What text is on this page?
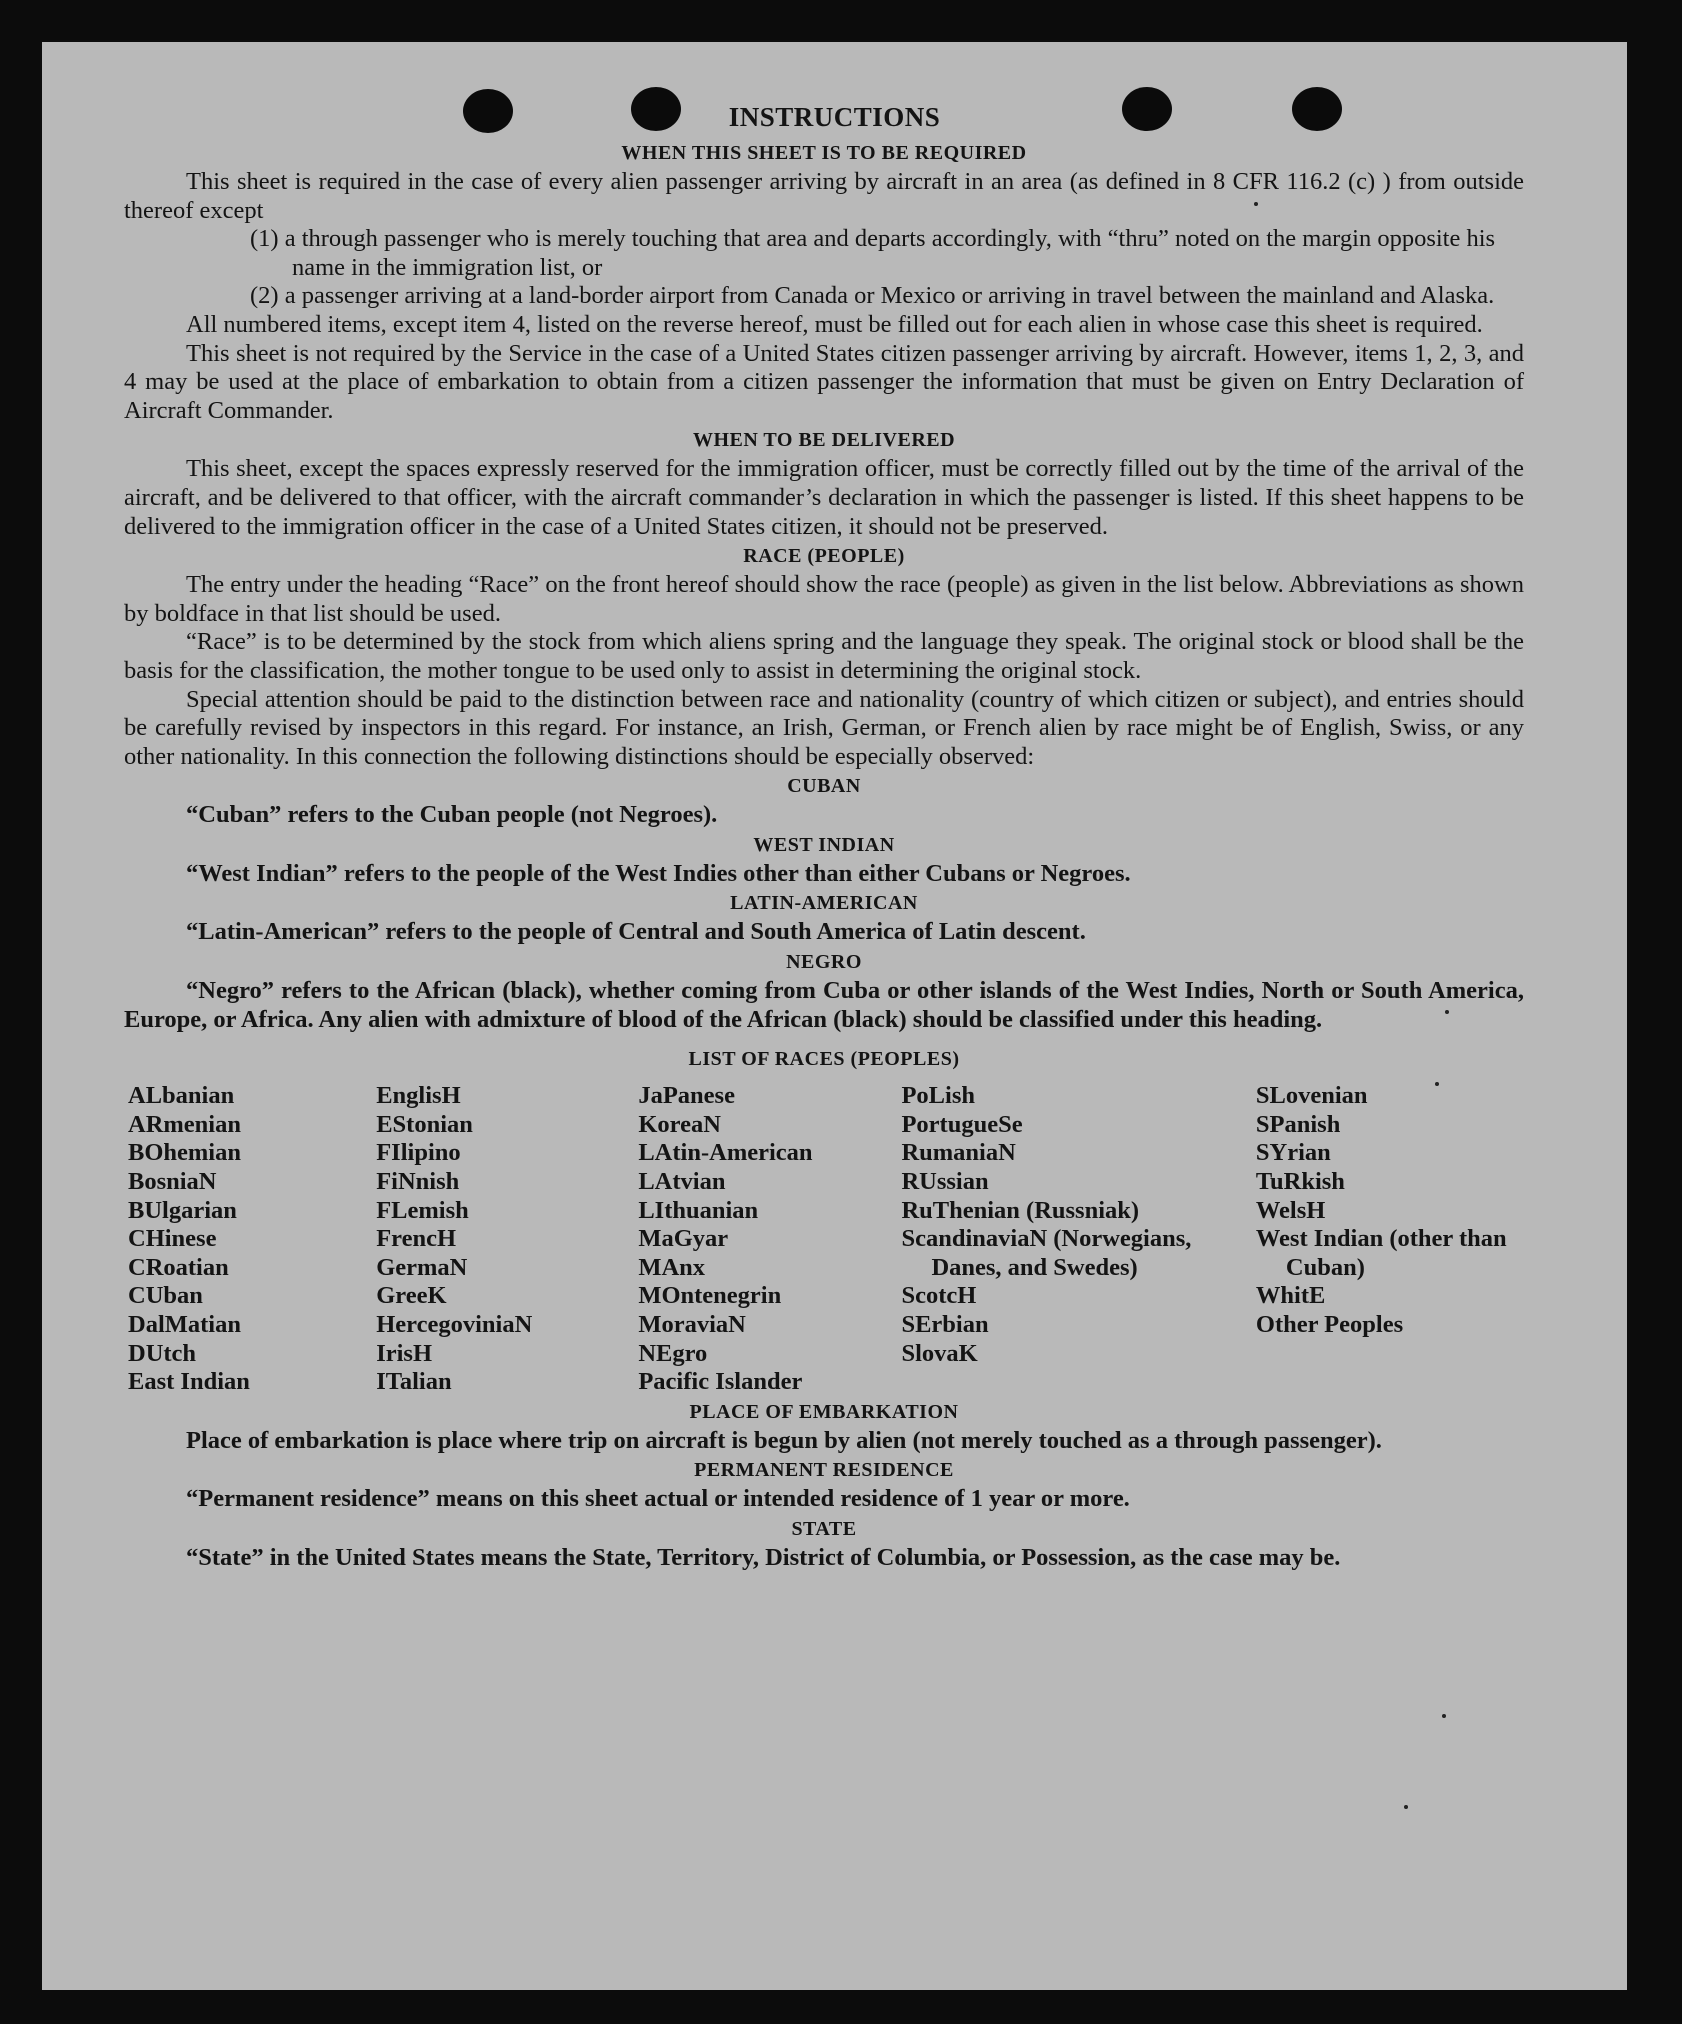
INSTRUCTIONS
WHEN THIS SHEET IS TO BE REQUIRED
This sheet is required in the case of every alien passenger arriving by aircraft in an area (as defined in 8 CFR 116.2 (c) ) from outside thereof except
(1) a through passenger who is merely touching that area and departs accordingly, with “thru” noted on the margin opposite his name in the immigration list, or
(2) a passenger arriving at a land-border airport from Canada or Mexico or arriving in travel between the mainland and Alaska.
All numbered items, except item 4, listed on the reverse hereof, must be filled out for each alien in whose case this sheet is required.
This sheet is not required by the Service in the case of a United States citizen passenger arriving by aircraft. However, items 1, 2, 3, and 4 may be used at the place of embarkation to obtain from a citizen passenger the information that must be given on Entry Declaration of Aircraft Commander.
WHEN TO BE DELIVERED
This sheet, except the spaces expressly reserved for the immigration officer, must be correctly filled out by the time of the arrival of the aircraft, and be delivered to that officer, with the aircraft commander’s declaration in which the passenger is listed. If this sheet happens to be delivered to the immigration officer in the case of a United States citizen, it should not be preserved.
RACE (PEOPLE)
The entry under the heading “Race” on the front hereof should show the race (people) as given in the list below. Abbreviations as shown by boldface in that list should be used.
“Race” is to be determined by the stock from which aliens spring and the language they speak. The original stock or blood shall be the basis for the classification, the mother tongue to be used only to assist in determining the original stock.
Special attention should be paid to the distinction between race and nationality (country of which citizen or subject), and entries should be carefully revised by inspectors in this regard. For instance, an Irish, German, or French alien by race might be of English, Swiss, or any other nationality. In this connection the following distinctions should be especially observed:
CUBAN
“Cuban” refers to the Cuban people (not Negroes).
WEST INDIAN
“West Indian” refers to the people of the West Indies other than either Cubans or Negroes.
LATIN-AMERICAN
“Latin-American” refers to the people of Central and South America of Latin descent.
NEGRO
“Negro” refers to the African (black), whether coming from Cuba or other islands of the West Indies, North or South America, Europe, or Africa. Any alien with admixture of blood of the African (black) should be classified under this heading.
LIST OF RACES (PEOPLES)
ALbanian
ARmenian
BOhemian
BosniaN
BUlgarian
CHinese
CRoatian
CUban
DalMatian
DUtch
East Indian
EnglisH
EStonian
FIlipino
FiNnish
FLemish
FrencH
GermaN
GreeK
HercegoviniaN
IrisH
ITalian
JaPanese
KoreaN
LAtin-American
LAtvian
LIthuanian
MaGyar
MAnx
MOntenegrin
MoraviaN
NEgro
Pacific Islander
PoLish
PortugueSe
RumaniaN
RUssian
RuThenian (Russniak)
ScandinaviaN (Norwegians, Danes, and Swedes)
ScotcH
SErbian
SlovaK
SLovenian
SPanish
SYrian
TuRkish
WelsH
West Indian (other than Cuban)
WhitE
Other Peoples
PLACE OF EMBARKATION
Place of embarkation is place where trip on aircraft is begun by alien (not merely touched as a through passenger).
PERMANENT RESIDENCE
“Permanent residence” means on this sheet actual or intended residence of 1 year or more.
STATE
“State” in the United States means the State, Territory, District of Columbia, or Possession, as the case may be.
